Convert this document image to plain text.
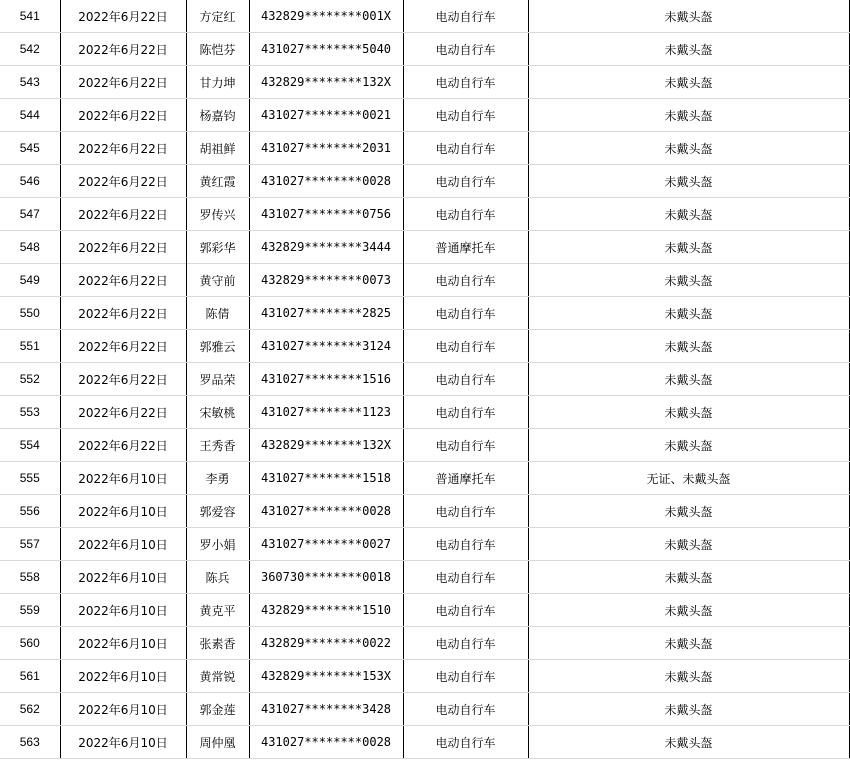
541	2022年6月22日	方定红	432829********001X	电动自行车	未戴头盔
542	2022年6月22日	陈恺芬	431027********5040	电动自行车	未戴头盔
543	2022年6月22日	甘力坤	432829********132X	电动自行车	未戴头盔
544	2022年6月22日	杨嘉钧	431027********0021	电动自行车	未戴头盔
545	2022年6月22日	胡祖鲜	431027********2031	电动自行车	未戴头盔
546	2022年6月22日	黄红霞	431027********0028	电动自行车	未戴头盔
547	2022年6月22日	罗传兴	431027********0756	电动自行车	未戴头盔
548	2022年6月22日	郭彩华	432829********3444	普通摩托车	未戴头盔
549	2022年6月22日	黄守前	432829********0073	电动自行车	未戴头盔
550	2022年6月22日	陈倩	431027********2825	电动自行车	未戴头盔
551	2022年6月22日	郭雅云	431027********3124	电动自行车	未戴头盔
552	2022年6月22日	罗品荣	431027********1516	电动自行车	未戴头盔
553	2022年6月22日	宋敏桃	431027********1123	电动自行车	未戴头盔
554	2022年6月22日	王秀香	432829********132X	电动自行车	未戴头盔
555	2022年6月10日	李勇	431027********1518	普通摩托车	无证、未戴头盔
556	2022年6月10日	郭爱容	431027********0028	电动自行车	未戴头盔
557	2022年6月10日	罗小娟	431027********0027	电动自行车	未戴头盔
558	2022年6月10日	陈兵	360730********0018	电动自行车	未戴头盔
559	2022年6月10日	黄克平	432829********1510	电动自行车	未戴头盔
560	2022年6月10日	张素香	432829********0022	电动自行车	未戴头盔
561	2022年6月10日	黄常锐	432829********153X	电动自行车	未戴头盔
562	2022年6月10日	郭金莲	431027********3428	电动自行车	未戴头盔
563	2022年6月10日	周仲凰	431027********0028	电动自行车	未戴头盔
